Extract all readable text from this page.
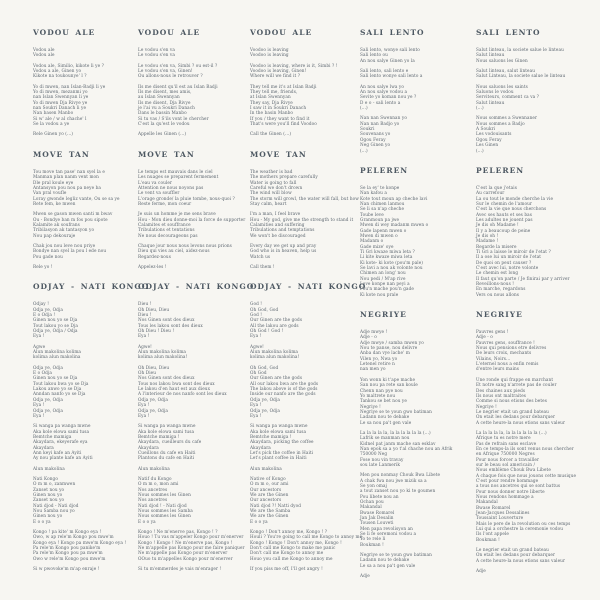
VODOU ALE

Vodou ale

Vodou ale

Vodou ale, Similio, kikote li ye ?

Vodou a ale, Ginen yo

Kikote na toukounye' l ?

Yo di mwen, nan Islan-Badji li ye

Yo di mwen, mezanmi yo

nan Islan Swennyan li ye

Yo di mwen Dja Rivye ye

nan Soukri Danach li ye

Nan basen Manbo

Si w' ale / w al chache' l

Se la vodou a ye

Rele Ginen yo (...)

MOVE TAN

Tou move tan pase' nan syel la e

Manman plan nanm vent mon

Dle pral koule eye

Antansyon pou nou pa neye ba

Van pral voufle

Loray gwonde legliz vante, Ou se sa ye

Rete fem, ke mwen

Mwen se gason mwen santi m bwav

Ou - Bondye ban m fos pou sipote

Kalamite ak soufrans

Tribilasyon ak tantasyon yo

Nou pap dekouraje

Chak jou nou leve nou priye

Bondye nan syel la pou l ede nou

Pou gade nou

Rele yo !

ODJAY - NATI KONGO

Odjay !

Odja ye, Odja

E o Odja !

Ginen nou yo se Dja

Tout lakou yo se Dja

Odja ye, Odja / Odja

Eya !

Agwe

Alun makolina kolima

kolima alun makolina

Odja ye, Odja

E o Odja

Ginen nou yo se Dja

Tout lakou bwa yo se Dja

Lakou anwo yo se Dja

Anndan nanfo yo se Dja

Odja ye, Odja

Eya !

Odja ye, Odja

Eya !

Si wanga pa wanga mwne

Aka kole elowa sami tusa

Bemtche mamiga

Akaydara, ekeyerafe eya

Akaydara

Ann keyi kafe an Ayiti

Ay nou plante kafe an Ayiti

Alun makolina

Nati Kongo

O m m o, zanmwen

Zanset nou yo

Ginen nou yo

Zanset nou yo

Nati djod - Nati djod

Nou Samba nou yo

Ginen nou yo

E o o ya

Kongo ! pa kite' m Kongo eya !

Owo, w ap rele'm Kongo pou mwe'm

Kongo eya ! Kongo pa mwe'm Kongo eya !

Pa rele'm Kongo pou panike'm

Pa rele'm Kongo pou pa mwe'm

Owo w rele'm Kongo pou mwe'm

Si w pwovoke'm m'ap enraje !

VODOU ALE

Le vodou s'en va

Le vodou s'en va

Le vodou s'en va, Simbi ? ou est-il ?

Le vodou s'en va, Ginen!

Ou allons-nous le retrouver ?

Ils me disent qu'il est au Islan Badji

Ils me disent, mes amis,

au Islan Swennyan

Ils me disent, Dja Rivye

je l'ai vu a Soukri Danach

Dans le bassin Manbo

Si tu vas / S'ils vont le chercher

C'est la qu'est le vodou

Appelle les Ginen (...)

MOVE TAN

Le temps est mauvais dans le ciel

Les nuages se preparent fermement

L'eau va couler

Attention ne nous noyons pas

Le vent va souffler

L'orage gronde/ la pluie tombe, nous-quoi ?

Reste ferme, mon coeur

Je suis un homme je me sens brave

Hou - Mon dieu donne-moi la force de supporter

Calamites et souffrance

Tribulations et tentations

Ne nous decourageons pas

Chaque jour nous nous levons nous prions

Dieu qui vies au ciel, aidez-nous

Regardez-nous

Appelez-les !

ODJAY - NATI KONGO

Dieu !

Oh Dieu, Dieu

Dieu !

Nos Ginen sont des dieux

Tous les lakou sont des dieux

Oh Dieu ! Dieu !

Eya !

Agwe!

Alun makolina kolima

kolima alun makolina!

Oh Dieu, Dieu

Oh Dieu

Nos Ginen sont des dieux

Tous nos lakou bwa sont des dieux

Le lakou d'en haut est aux dieux

A l'interieur de nos nanfo sont les dieux

Odja ye, Odja

Eya !

Odja ye, Odja

Eya !

Si wanga pa wanga mwne

Aka kole elowa sami tusa

Bemtche mamiga !

Akaydara, cueilleurs du cafe

Akaydara

Cueillons du cafe en Haiti

Plantons du cafe en Haiti

Alun makolina

Natif du Kongo

O m m o, mon ami

Nos ancetres

Nous sommes les Ginen

Nos ancetres

Nati djod ! - Nati djod

Nous sommes les Samba

Nous sommes les Ginen

E o o ya

Kongo ! Ne m'enerve pas, Kongo ! ?

Houo ! Tu vas m'appeler Kongo pour m'enerver

Kongo ! Kongo ! Ne m'enerve pas, Kongo !

Ne m'appelle pas Kongo pour me faire paniquer

Ne m'appelle pas Kongo pour m'enerver

OOuo tu m'appelles Kongo pour m'enerver

Si tu m'emmerdes je vais m'enrager !

VODOU ALE

Voodoo is leaving

Voodoo is leaving

Voodoo is leaving, where is it, Simbi ? !

Voodoo is leaving, Ginen!

Where will we find it ?

They tell me it's at Islan Badji

They tell me, friends,

at Islan Swennyan

They say, Dja Rivye

I saw it in Soukri Danach

In the basin Manbo

If you / they want to find it

That's were you'll find Voodoo

Call the Ginen (...)

MOVE TAN

The weather is bad

The mothers prepare carefully

Water is going to fall

Careful we don't drown

The wind will blow

The storm will growl, the water will fall, but how

Stay calm, heart

I'm a man, I feel brave

Hou - My god, give me the strength to stand it

Calamities and suffering

Tribulations and temptations

We won't be discouraged

Every day we get up and pray

God who is in heaven, help us

Watch us

Call them !

ODJAY - NATI KONGO

God !

Oh God, God

God !

Our Ginen are the gods

All the lakou are gods

Oh God ! God !

Eya !

Agwe!

Alun makolina kolima

kolima alun makolina!

Oh God, God

Oh God

Our Ginen are the gods

All our lakou bwa are the gods

The lakou above is of the gods

Inside our nanfo are the gods

Odja ye, Odja

Eya !

Odja ye, Odja

Eya !

Si wanga pa wanga mwne

Aka kole elowa sami tusa

Bemtche mamiga !

Akaydara, picking the coffee

Akaydara

Let's pick the coffee in Haiti

Let's plant coffee in Haiti

Alun makolina

Native of Kongo

O m m o, our ami

Our ancestors

We are the Ginen

Our ancestors

Nati djod ?! Natti dyod

We are the Samba

We are the Ginen

E o o ya

Kongo ! Don't annoy me, Kongo ! ?

Houli ? You're going to call me Kongo to annoy me

Kongo ! Kongo ! Don't annoy me, Kongo !

Don't call me Kongo to make me panic

Don't call me Kongo to annoy me

Houo you call me Kongo to annoy me

If you piss me off, I'll get angry !

SALI LENTO

Sali lento, wonye sali lento

Sali lento ou

An nou salye Ginen yo la

Sali lento, sali lento e

Sali lento wonye sali lento a

An nou salye lwa yo

An nou salye vodou a

Sevite yo koman nou ye ?

D e o - sali lento a

(...)

Nan nan Swennan yo

Nan nan Badjo yo

Soukri

Souvenans yo

Ogou Feray

Neg Ginen yo

(...)

PELEREN

Se la ey' te konpe

Nan kafou a

Kote tout moun ap cheche lavi

Nan chimen lanmou

Se li sa n'ap cheche

Toube leve

Granmoun pa jwe

Mwen di wey madanm mwen o

Gade lapenn mwen o

Mwen di mwen o

Madanm o

Gade mize' oye

Ti Gri kwaze miwa leta ?

Li kite kwaze miwa leta

Ki kote- ki kote (pou'm pale)

Se lavi a nou ak volonte nou

Chimen an long' nou

Nou pedi / M'ap rive

Leve konpe nan peyi a

Pou'n mache pou'n gade

Ki kote nou prale

NEGRIYE

Adje mwye !

Adje - o

Adje mwye / samba mwen yo

Nou te panse, nou delivre

Anba dan vye lache' m

Vilen yo, Nwa yo

Letenel retire n

nan men yo

Yon wonn ki t'ape mache

San nou pa rete san koule

Chenn nan pye nou

Yo maltrete nou

Tankou se bet nou ye

Negriye !

Negriye se te youn gwo batiman

Ladann nou te debake

Le sa nou pa't gen vale

La la la la la, la la la la la la (...)

Lafrik se manman nou

Kidnel pat janm mache san esklav

Nan epok sa a yo t'al chache nou an Afrik

750000 Neg

Fose nou vin travay

sou late Lanmerik

Men pou nonmay Chouk Bwa Libete

A chak fwa nou jwe mizik sa a

Se yon omaj

a tout zanset nou yo ki te goumen

Pou libete nou an

Ochan pou

Makandal

Bwase Romarel

Jan Jak Desalin

Tousen Louveti

Men papa revolisyon an

Se li fe seremoni vodou a

Yo te rele li

Boukman !

Negriye se te youn gwo batiman

Ladann nou te debake

Le sa a nou pa't gen vale

Adje

SALI LENTO

Salut linteau, la societe salue le linteau

Salut linteau

Nous saluons les Ginen

Salut linteau, salut linteau

Salut Linteau, la societe salue le linteau

Nous saluons les saints

Saluons le vodou

Serviteurs, comment ca va ?

Salut linteau

(...)

Nous sommes a Swennaner

Nous sommes a Badjo

A Soukri

Les vodouisants

Ogou Feray

Les Ginen

(...)

PELEREN

C'est la que j'etais

Au carrefour

La ou tout le monde cherche la vie

Sur le chemin de l'amour

C'est la vie que nous cherchons

Avec ses hauts et ses bas

Les adultes ne jouent pas

Je dis oh Madame !

Il y a beaucoup de peine

Je dis oh !

Madame !

Regarde la misere

Ti Gri a laisse le miroir de l'etat ?

Il a ose lui un miroir de l'etat

De quoi on peut causer ?

C'est avec lui, notre volonte

Le chemin est long

Il faut qu'on parte / Je finirai par y arriver

Reveillons-nous !

En marche, regardons

Vers ou nous allons

NEGRIYE

Pauvres gens !

Adje - o

Pauvres gens, souffrance !

Nous qui pensions etre delivres

De leurs croix, mechants

Vilains, Noirs...

L'eternel nous a enfin remis

d'entre leurs mains

Une ronde qui frappe en marchant

Et notre sang n'arrete pas de couler

Des chaines aux pieds

Ils nous ont maltraites

Comme si nous etions des betes

Negriye !

Le negrier etait un grand bateau

On etait les dedans pour debarquer

A cette heure-la nous etions sans valeur

La la la la la, la la la la la la (...)

Afrique tu es notre mere

Pas de refrain sans esclave

En ce temps-la ils sont venus nous chercher

en Afrique 750000 Negres

Pour nous forcer a travailler

sur le beau sol americain /

Nous emblème Chouk Bwa Libete

A chaque fois que nous jouons cette musique

C'est pour rendre hommage

a tous nos ancetres qui se sont battus

Pour nous donner notre liberte

Nous rendons hommage a

Makandal

Bwase Romarel

Jean-Jacques Dessalines

Toussaint Louverture

Mais le pere de la revolution ou ces temps

Lui qui a orchestre la ceremonie vodou

Ils l'ont appele

Boukman !

Le negrier etait un grand bateau

On etait les dedans pour debarquer

A cette heure-la nous etions sans valeur

Adje
